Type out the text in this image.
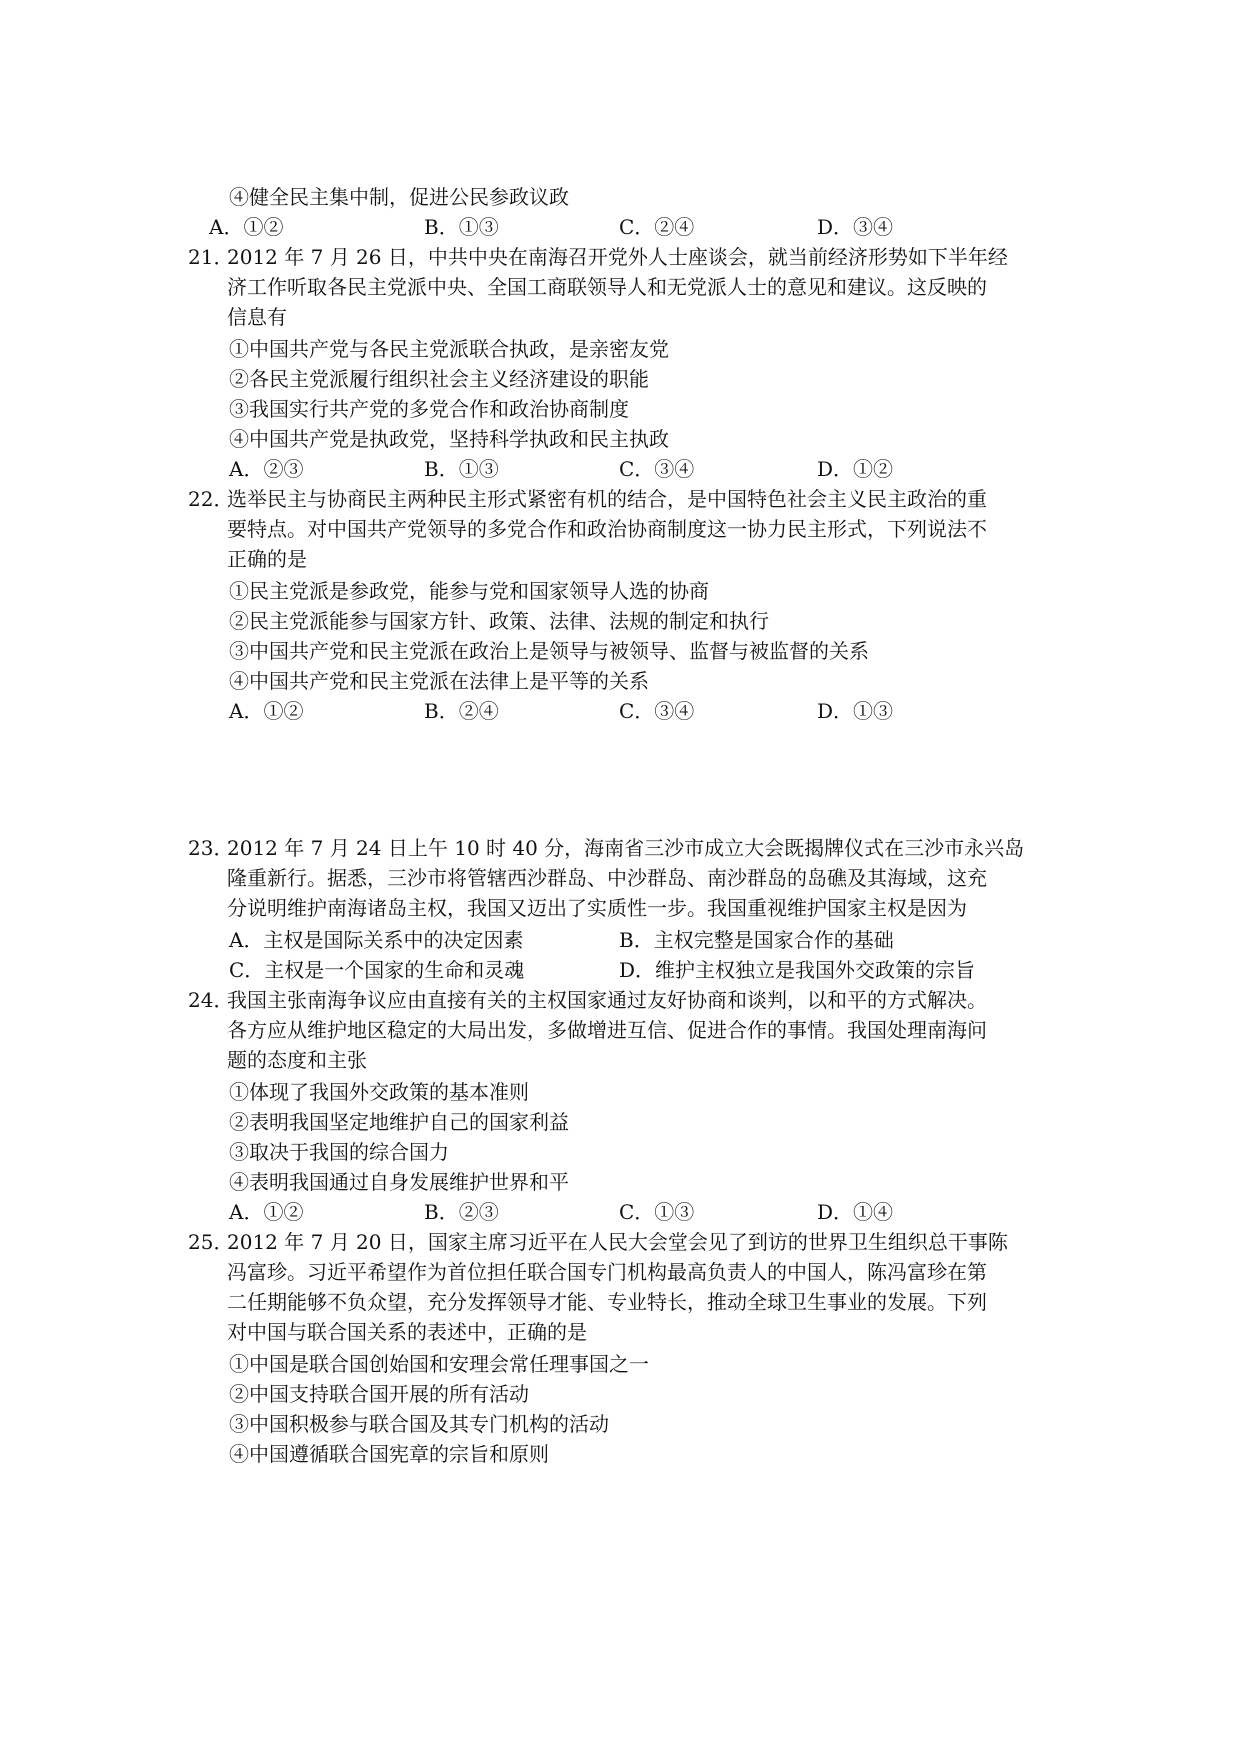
④健全民主集中制，促进公民参政议政
A．①②	B．①③	C．②④	D．③④
21．
2012 年 7 月 26 日，中共中央在南海召开党外人士座谈会，就当前经济形势如下半年经
济工作听取各民主党派中央、全国工商联领导人和无党派人士的意见和建议。这反映的
信息有
①中国共产党与各民主党派联合执政，是亲密友党
②各民主党派履行组织社会主义经济建设的职能
③我国实行共产党的多党合作和政治协商制度
④中国共产党是执政党，坚持科学执政和民主执政
A．②③	B．①③	C．③④	D．①②
22．
选举民主与协商民主两种民主形式紧密有机的结合，是中国特色社会主义民主政治的重
要特点。对中国共产党领导的多党合作和政治协商制度这一协力民主形式，下列说法不
正确的是
①民主党派是参政党，能参与党和国家领导人选的协商
②民主党派能参与国家方针、政策、法律、法规的制定和执行
③中国共产党和民主党派在政治上是领导与被领导、监督与被监督的关系
④中国共产党和民主党派在法律上是平等的关系
A．①②	B．②④	C．③④	D．①③
23．
2012 年 7 月 24 日上午 10 时 40 分，海南省三沙市成立大会既揭牌仪式在三沙市永兴岛
隆重新行。据悉，三沙市将管辖西沙群岛、中沙群岛、南沙群岛的岛礁及其海域，这充
分说明维护南海诸岛主权，我国又迈出了实质性一步。我国重视维护国家主权是因为
A．主权是国际关系中的决定因素	B．主权完整是国家合作的基础
C．主权是一个国家的生命和灵魂	D．维护主权独立是我国外交政策的宗旨
24．
我国主张南海争议应由直接有关的主权国家通过友好协商和谈判，以和平的方式解决。
各方应从维护地区稳定的大局出发，多做增进互信、促进合作的事情。我国处理南海问
题的态度和主张
①体现了我国外交政策的基本准则
②表明我国坚定地维护自己的国家利益
③取决于我国的综合国力
④表明我国通过自身发展维护世界和平
A．①②	B．②③	C．①③	D．①④
25．
2012 年 7 月 20 日，国家主席习近平在人民大会堂会见了到访的世界卫生组织总干事陈
冯富珍。习近平希望作为首位担任联合国专门机构最高负责人的中国人，陈冯富珍在第
二任期能够不负众望，充分发挥领导才能、专业特长，推动全球卫生事业的发展。下列
对中国与联合国关系的表述中，正确的是
①中国是联合国创始国和安理会常任理事国之一
②中国支持联合国开展的所有活动
③中国积极参与联合国及其专门机构的活动
④中国遵循联合国宪章的宗旨和原则
